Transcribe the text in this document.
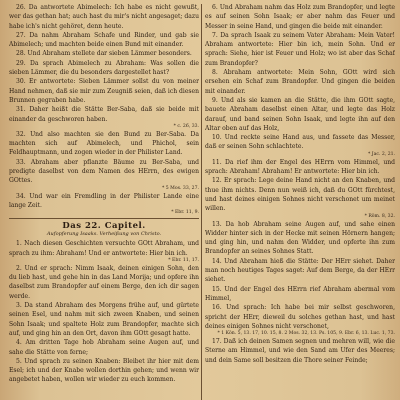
26. Da antwortete Abimelech: Ich habe es nicht gewußt, wer das gethan hat; auch hast du mir's nicht angesaget; dazu habe ich's nicht gehöret, denn heute.

27. Da nahm Abraham Schafe und Rinder, und gab sie Abimelech; und machten beide einen Bund mit einander.

28. Und Abraham stellete dar sieben Lämmer besonders.

29. Da sprach Abimelech zu Abraham: Was sollen die sieben Lämmer, die du besonders dargestellet hast?

30. Er antwortete: Sieben Lämmer sollst du von meiner Hand nehmen, daß sie mir zum Zeugniß seien, daß ich diesen Brunnen gegraben habe.

31. Daher heißt die Stätte Ber-Saba, daß sie beide mit einander da geschworen haben.
* c. 26, 33.

32. Und also machten sie den Bund zu Ber-Saba. Da machten sich auf Abimelech, und Phichol, sein Feldhauptmann, und zogen wieder in der Philister Land.

33. Abraham aber pflanzte Bäume zu Ber-Saba, und predigte daselbst von dem Namen des HErrn, des ewigen GOttes.
* 5 Mos. 33, 27.

34. Und war ein Fremdling in der Philister Lande eine lange Zeit.
* Ebr. 11, 9.

Das 22. Capitel.
Aufopferung Isaaks. Verheißung von Christo.

1. Nach diesen Geschichten versuchte GOtt Abraham, und sprach zu ihm: Abraham! Und er antwortete: Hier bin ich.
* Ebr. 11, 17.

2. Und er sprach: Nimm Isaak, deinen einigen Sohn, den du lieb hast, und gehe hin in das Land Morija; und opfere ihn daselbst zum Brandopfer auf einem Berge, den ich dir sagen werde.

3. Da stand Abraham des Morgens frühe auf, und gürtete seinen Esel, und nahm mit sich zween Knaben, und seinen Sohn Isaak; und spaltete Holz zum Brandopfer, machte sich auf, und ging hin an den Ort, davon ihm GOtt gesagt hatte.

4. Am dritten Tage hob Abraham seine Augen auf, und sahe die Stätte von ferne;

5. Und sprach zu seinen Knaben: Bleibet ihr hier mit dem Esel; ich und der Knabe wollen dorthin gehen; und wenn wir angebetet haben, wollen wir wieder zu euch kommen.

6. Und Abraham nahm das Holz zum Brandopfer, und legte es auf seinen Sohn Isaak; er aber nahm das Feuer und Messer in seine Hand, und gingen die beide mit einander.

7. Da sprach Isaak zu seinem Vater Abraham: Mein Vater! Abraham antwortete: Hier bin ich, mein Sohn. Und er sprach: Siehe, hier ist Feuer und Holz; wo ist aber das Schaf zum Brandopfer?

8. Abraham antwortete: Mein Sohn, GOtt wird sich ersehen ein Schaf zum Brandopfer. Und gingen die beiden mit einander.

9. Und als sie kamen an die Stätte, die ihm GOtt sagte, bauete Abraham daselbst einen Altar, und legte das Holz darauf, und band seinen Sohn Isaak, und legte ihn auf den Altar oben auf das Holz,

10. Und reckte seine Hand aus, und fassete das Messer, daß er seinen Sohn schlachtete.
* Jac. 2, 21.

11. Da rief ihm der Engel des HErrn vom Himmel, und sprach: Abraham! Abraham! Er antwortete: Hier bin ich.

12. Er sprach: Lege deine Hand nicht an den Knaben, und thue ihm nichts. Denn nun weiß ich, daß du GOtt fürchtest, und hast deines einigen Sohnes nicht verschonet um meinet willen.
* Röm. 8, 32.

13. Da hob Abraham seine Augen auf, und sahe einen Widder hinter sich in der Hecke mit seinen Hörnern hangen; und ging hin, und nahm den Widder, und opferte ihn zum Brandopfer an seines Sohnes Statt.

14. Und Abraham hieß die Stätte: Der HErr siehet. Daher man noch heutiges Tages saget: Auf dem Berge, da der HErr siehet.

15. Und der Engel des HErrn rief Abraham abermal vom Himmel,

16. Und sprach: Ich habe bei mir selbst geschworen, spricht der HErr, dieweil du solches gethan hast, und hast deines einigen Sohnes nicht verschonet,
* 1 Kön. 5, 13. 17, 10. 15, 8. 2 Mos. 32, 13. Ps. 105, 9. Ebr. 6, 13. Luc. 1, 73.

17. Daß ich deinen Samen segnen und mehren will, wie die Sterne am Himmel, und wie den Sand am Ufer des Meeres; und dein Same soll besitzen die Thore seiner Feinde;
